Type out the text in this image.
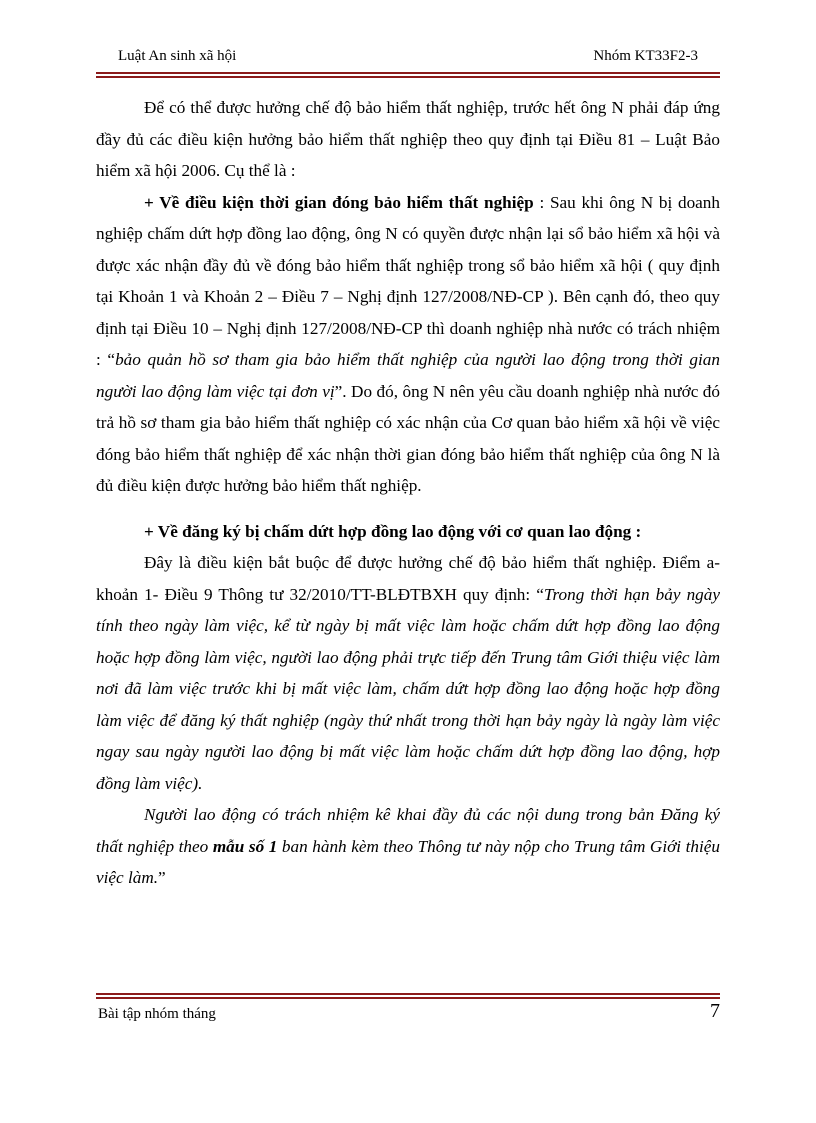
Luật An sinh xã hội	Nhóm KT33F2-3

Để có thể được hưởng chế độ bảo hiểm thất nghiệp, trước hết ông N phải đáp ứng đầy đủ các điều kiện hưởng bảo hiểm thất nghiệp theo quy định tại Điều 81 – Luật Bảo hiểm xã hội 2006. Cụ thể là :

+ Về điều kiện thời gian đóng bảo hiểm thất nghiệp : Sau khi ông N bị doanh nghiệp chấm dứt hợp đồng lao động, ông N có quyền được nhận lại sổ bảo hiểm xã hội và được xác nhận đầy đủ về đóng bảo hiểm thất nghiệp trong sổ bảo hiểm xã hội ( quy định tại Khoản 1 và Khoản 2 – Điều 7 – Nghị định 127/2008/NĐ-CP ). Bên cạnh đó, theo quy định tại Điều 10 – Nghị định 127/2008/NĐ-CP thì doanh nghiệp nhà nước có trách nhiệm : “bảo quản hồ sơ tham gia bảo hiểm thất nghiệp của người lao động trong thời gian người lao động làm việc tại đơn vị”. Do đó, ông N nên yêu cầu doanh nghiệp nhà nước đó trả hồ sơ tham gia bảo hiểm thất nghiệp có xác nhận của Cơ quan bảo hiểm xã hội về việc đóng bảo hiểm thất nghiệp để xác nhận thời gian đóng bảo hiểm thất nghiệp của ông N là đủ điều kiện được hưởng bảo hiểm thất nghiệp.

+ Về đăng ký bị chấm dứt hợp đồng lao động với cơ quan lao động :

Đây là điều kiện bắt buộc để được hưởng chế độ bảo hiểm thất nghiệp. Điểm a- khoản 1- Điều 9 Thông tư 32/2010/TT-BLĐTBXH quy định: “Trong thời hạn bảy ngày tính theo ngày làm việc, kể từ ngày bị mất việc làm hoặc chấm dứt hợp đồng lao động hoặc hợp đồng làm việc, người lao động phải trực tiếp đến Trung tâm Giới thiệu việc làm nơi đã làm việc trước khi bị mất việc làm, chấm dứt hợp đồng lao động hoặc hợp đồng làm việc để đăng ký thất nghiệp (ngày thứ nhất trong thời hạn bảy ngày là ngày làm việc ngay sau ngày người lao động bị mất việc làm hoặc chấm dứt hợp đồng lao động, hợp đồng làm việc).

Người lao động có trách nhiệm kê khai đầy đủ các nội dung trong bản Đăng ký thất nghiệp theo mẫu số 1 ban hành kèm theo Thông tư này nộp cho Trung tâm Giới thiệu việc làm.”

Bài tập nhóm tháng	7
